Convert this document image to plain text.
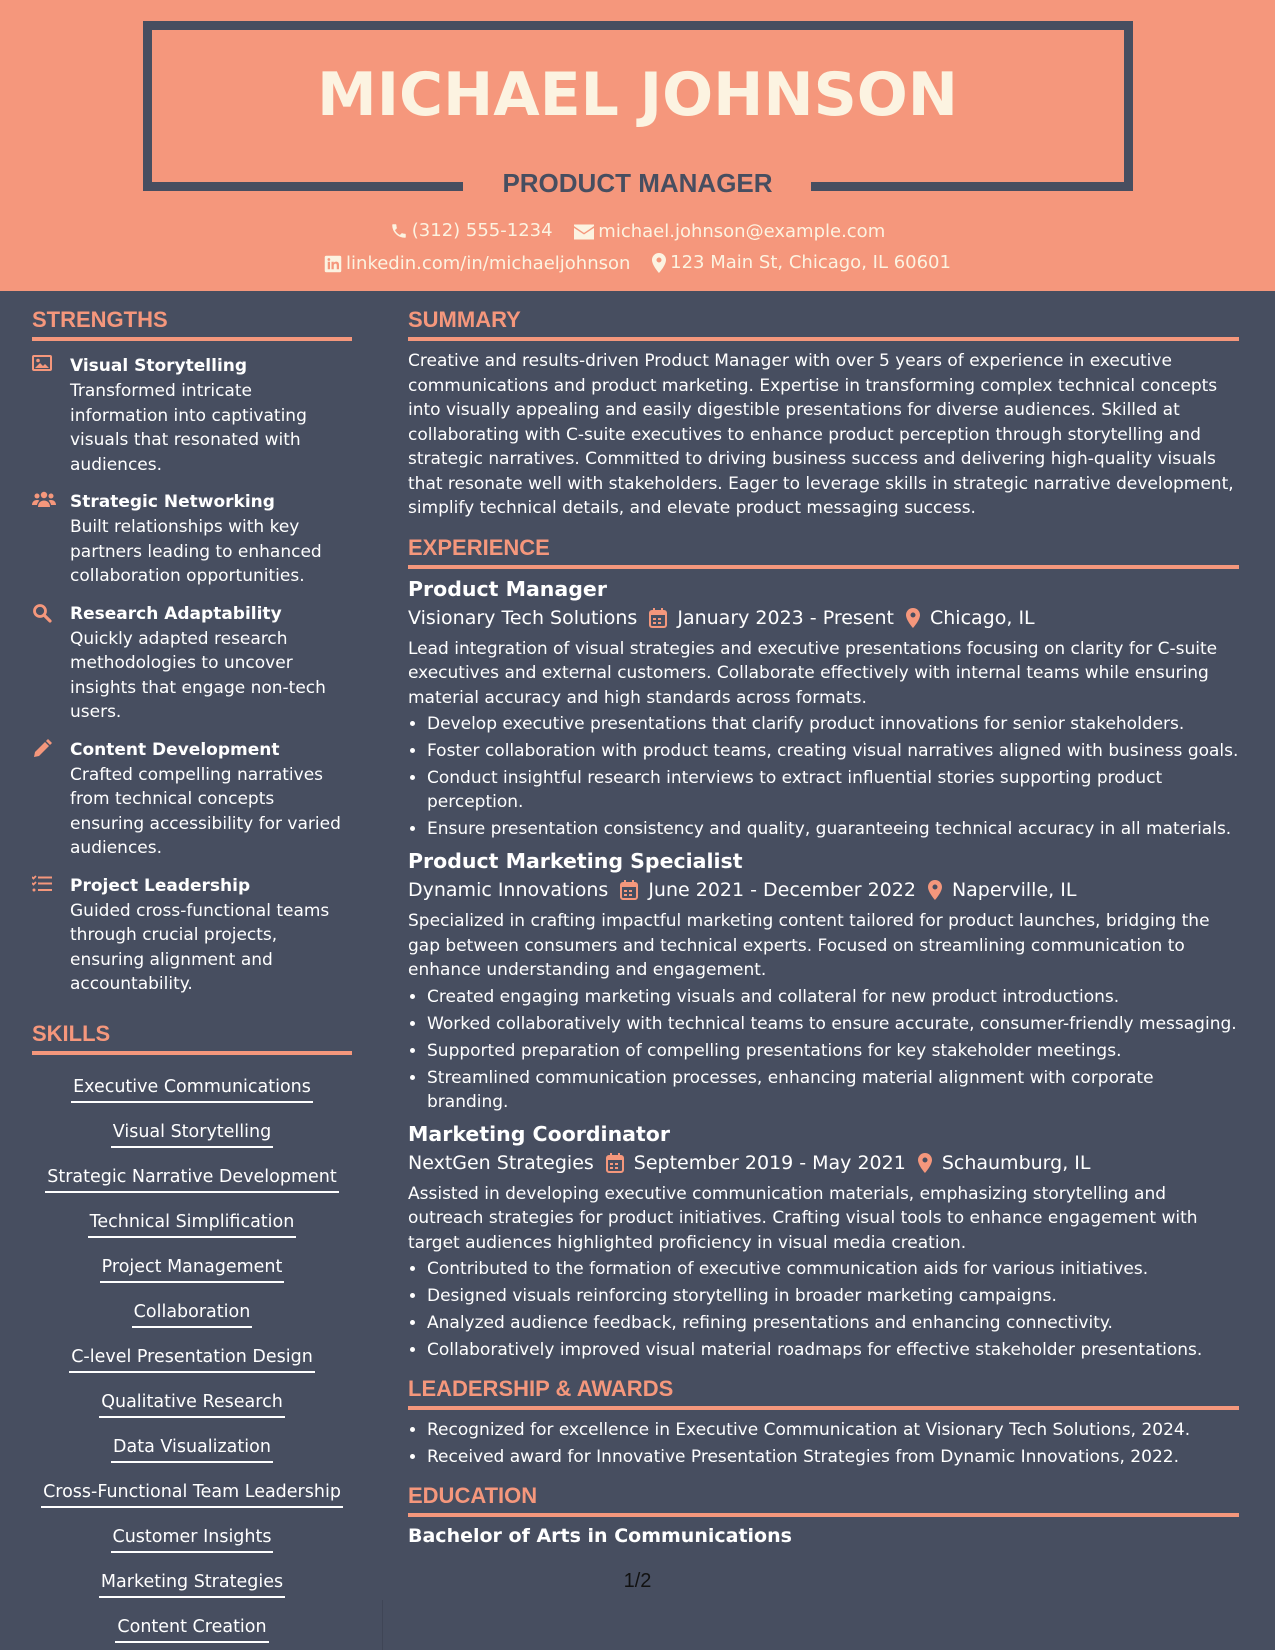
MICHAEL JOHNSON
PRODUCT MANAGER
(312) 555-1234
	michael.johnson@example.com
linkedin.com/in/michaeljohnson
123 Main St, Chicago, IL 60601
STRENGTHS
Visual Storytelling
Transformed intricate information into captivating visuals that resonated with audiences.
Strategic Networking
Built relationships with key partners leading to enhanced collaboration opportunities.
Research Adaptability
Quickly adapted research methodologies to uncover insights that engage non-tech users.
Content Development
Crafted compelling narratives from technical concepts ensuring accessibility for varied audiences.
Project Leadership
Guided cross-functional teams through crucial projects, ensuring alignment and accountability.
SKILLS
Executive Communications
Visual Storytelling
Strategic Narrative Development
Technical Simplification
Project ManagementCollaboration
C-level Presentation Design
Qualitative Research
Data Visualization
Cross-Functional Team Leadership
Customer Insights
Marketing Strategies
Content Creation
SUMMARY
Creative and results-driven Product Manager with over 5 years of experience in executive communications and product marketing. Expertise in transforming complex technical concepts into visually appealing and easily digestible presentations for diverse audiences. Skilled at collaborating with C-suite executives to enhance product perception through storytelling and strategic narratives. Committed to driving business success and delivering high-quality visuals that resonate well with stakeholders. Eager to leverage skills in strategic narrative development, simplify technical details, and elevate product messaging success.
EXPERIENCE
Product Manager
Visionary Tech Solutions January 2023 - Present Chicago, IL
Lead integration of visual strategies and executive presentations focusing on clarity for C-suite executives and external customers. Collaborate effectively with internal teams while ensuring material accuracy and high standards across formats.
• Develop executive presentations that clarify product innovations for senior stakeholders.
• Foster collaboration with product teams, creating visual narratives aligned with business goals.
• Conduct insightful research interviews to extract influential stories supporting product perception.
• Ensure presentation consistency and quality, guaranteeing technical accuracy in all materials.
Product Marketing Specialist
Dynamic Innovations June 2021 - December 2022 Naperville, IL
Specialized in crafting impactful marketing content tailored for product launches, bridging the gap between consumers and technical experts. Focused on streamlining communication to enhance understanding and engagement.
• Created engaging marketing visuals and collateral for new product introductions.
• Worked collaboratively with technical teams to ensure accurate, consumer-friendly messaging.
• Supported preparation of compelling presentations for key stakeholder meetings.
• Streamlined communication processes, enhancing material alignment with corporate branding.
Marketing Coordinator
NextGen Strategies September 2019 - May 2021 Schaumburg, IL
Assisted in developing executive communication materials, emphasizing storytelling and outreach strategies for product initiatives. Crafting visual tools to enhance engagement with target audiences highlighted proficiency in visual media creation.
• Contributed to the formation of executive communication aids for various initiatives.
• Designed visuals reinforcing storytelling in broader marketing campaigns.
• Analyzed audience feedback, refining presentations and enhancing connectivity.
• Collaboratively improved visual material roadmaps for effective stakeholder presentations.
LEADERSHIP & AWARDS
• Recognized for excellence in Executive Communication at Visionary Tech Solutions, 2024.
• Received award for Innovative Presentation Strategies from Dynamic Innovations, 2022.
EDUCATION
Bachelor of Arts in Communications
1/2
